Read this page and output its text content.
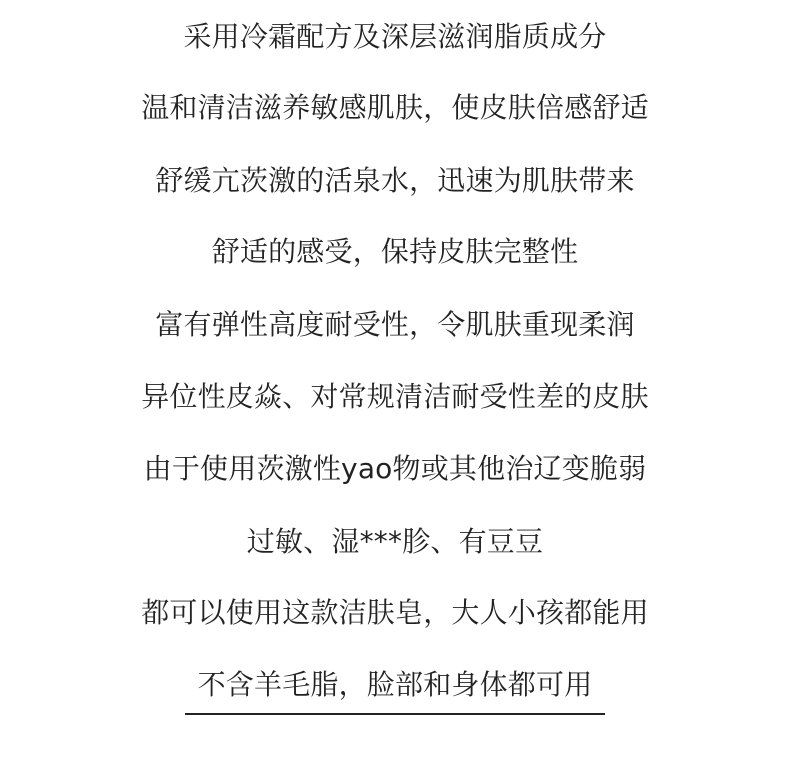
采用冷霜配方及深层滋润脂质成分
温和清洁滋养敏感肌肤，使皮肤倍感舒适
舒缓亢茨激的活泉水，迅速为肌肤带来
舒适的感受，保持皮肤完整性
富有弹性高度耐受性，令肌肤重现柔润
异位性皮焱、对常规清洁耐受性差的皮肤
由于使用茨激性yao物或其他治辽变脆弱
过敏、湿***胗、有豆豆
都可以使用这款洁肤皂，大人小孩都能用
不含羊毛脂，脸部和身体都可用
